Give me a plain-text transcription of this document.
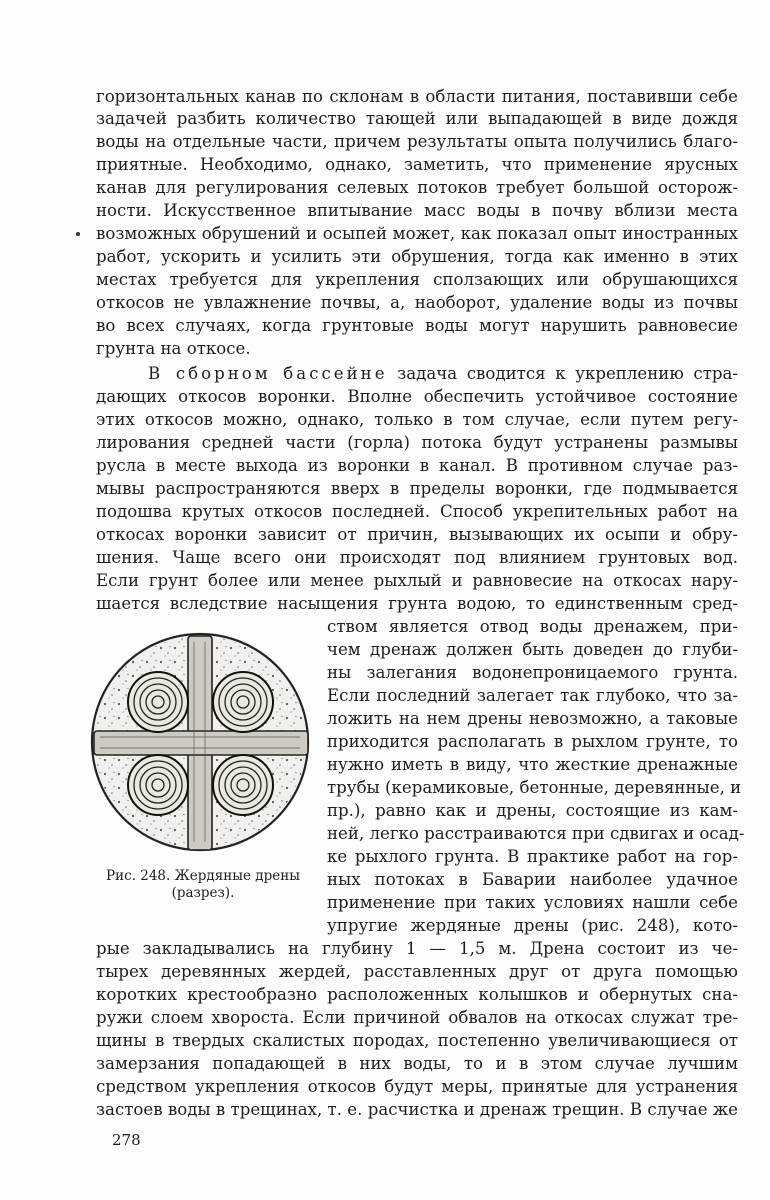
горизонтальных канав по склонам в области питания, поставивши себе
задачей разбить количество тающей или выпадающей в виде дождя
воды на отдельные части, причем результаты опыта получились благо-
приятные. Необходимо, однако, заметить, что применение ярусных
канав для регулирования селевых потоков требует большой осторож-
ности. Искусственное впитывание масс воды в почву вблизи места
возможных обрушений и осыпей может, как показал опыт иностранных
работ, ускорить и усилить эти обрушения, тогда как именно в этих
местах требуется для укрепления сползающих или обрушающихся
откосов не увлажнение почвы, а, наоборот, удаление воды из почвы
во всех случаях, когда грунтовые воды могут нарушить равновесие
грунта на откосе.
В сборном бассейне задача сводится к укреплению стра-
дающих откосов воронки. Вполне обеспечить устойчивое состояние
этих откосов можно, однако, только в том случае, если путем регу-
лирования средней части (горла) потока будут устранены размывы
русла в месте выхода из воронки в канал. В противном случае раз-
мывы распространяются вверх в пределы воронки, где подмывается
подошва крутых откосов последней. Способ укрепительных работ на
откосах воронки зависит от причин, вызывающих их осыпи и обру-
шения. Чаще всего они происходят под влиянием грунтовых вод.
Если грунт более или менее рыхлый и равновесие на откосах нару-
шается вследствие насыщения грунта водою, то единственным сред-
ством является отвод воды дренажем, при-
чем дренаж должен быть доведен до глуби-
ны залегания водонепроницаемого грунта.
Если последний залегает так глубоко, что за-
ложить на нем дрены невозможно, а таковые
приходится располагать в рыхлом грунте, то
нужно иметь в виду, что жесткие дренажные
трубы (керамиковые, бетонные, деревянные, и
пр.), равно как и дрены, состоящие из кам-
ней, легко расстраиваются при сдвигах и осад-
ке рыхлого грунта. В практике работ на гор-
ных потоках в Баварии наиболее удачное
применение при таких условиях нашли себе
упругие жердяные дрены (рис. 248), кото-
рые закладывались на глубину 1 — 1,5 м. Дрена состоит из че-
тырех деревянных жердей, расставленных друг от друга помощью
коротких крестообразно расположенных колышков и обернутых сна-
ружи слоем хвороста. Если причиной обвалов на откосах служат тре-
щины в твердых скалистых породах, постепенно увеличивающиеся от
замерзания попадающей в них воды, то и в этом случае лучшим
средством укрепления откосов будут меры, принятые для устранения
застоев воды в трещинах, т. е. расчистка и дренаж трещин. В случае же
Рис. 248. Жердяные дрены
(разрез).
278
